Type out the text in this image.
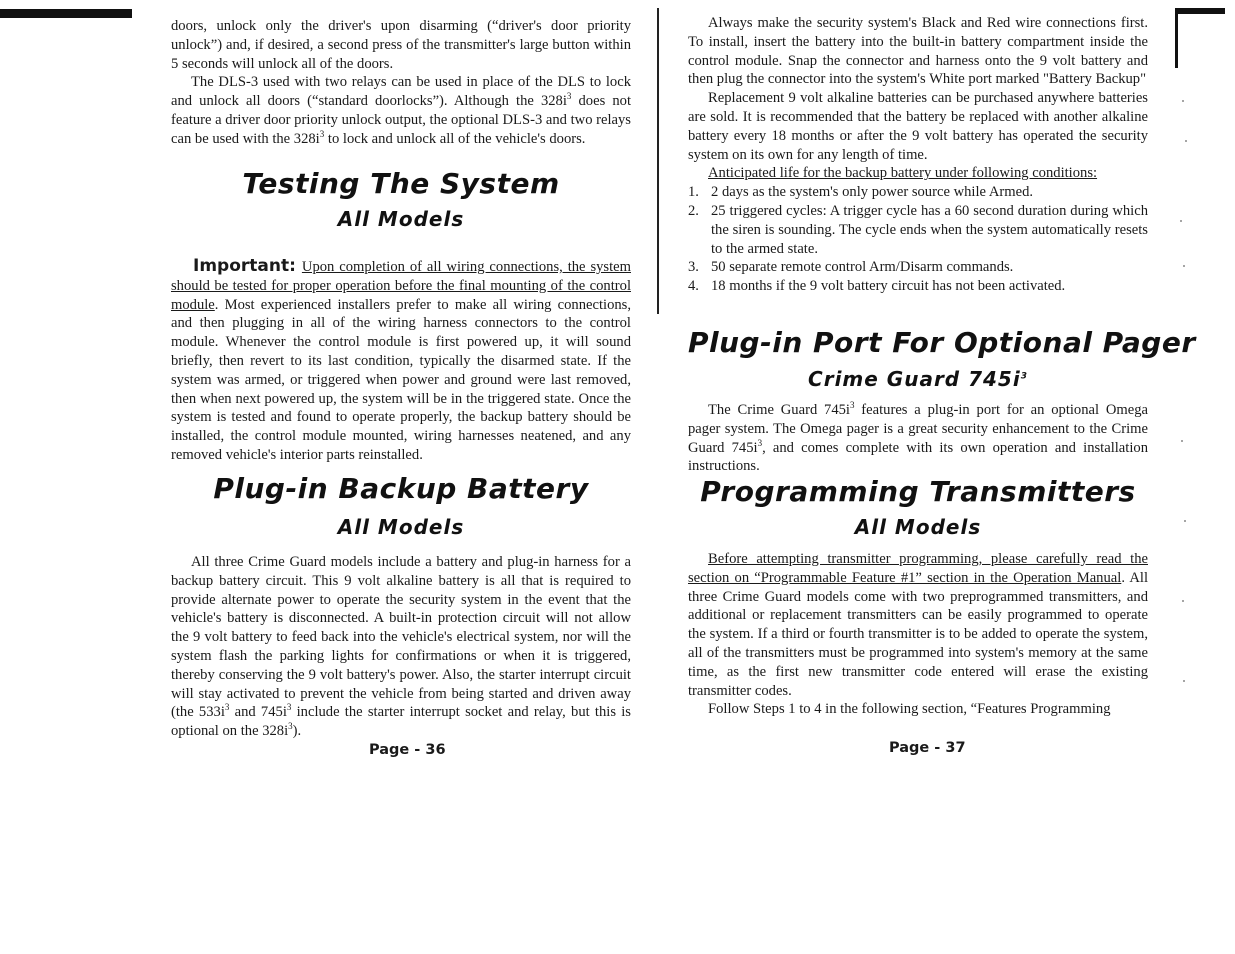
doors, unlock only the driver's upon disarming (“driver's door priority unlock”) and, if desired, a second press of the transmitter's large button within 5 seconds will unlock all of the doors.

The DLS-3 used with two relays can be used in place of the DLS to lock and unlock all doors (“standard doorlocks”). Although the $328i^3$ does not feature a driver door priority unlock output, the optional DLS-3 and two relays can be used with the $328i^3$ to lock and unlock all of the vehicle's doors.

Testing The System
All Models

Important: Upon completion of all wiring connections, the system should be tested for proper operation before the final mounting of the control module. Most experienced installers prefer to make all wiring connections, and then plugging in all of the wiring harness connectors to the control module. Whenever the control module is first powered up, it will sound briefly, then revert to its last condition, typically the disarmed state. If the system was armed, or triggered when power and ground were last removed, then when next powered up, the system will be in the triggered state. Once the system is tested and found to operate properly, the backup battery should be installed, the control module mounted, wiring harnesses neatened, and any removed vehicle's interior parts reinstalled.

Plug-in Backup Battery
All Models

All three Crime Guard models include a battery and plug-in harness for a backup battery circuit. This 9 volt alkaline battery is all that is required to provide alternate power to operate the security system in the event that the vehicle's battery is disconnected. A built-in protection circuit will not allow the 9 volt battery to feed back into the vehicle's electrical system, nor will the system flash the parking lights for confirmations or when it is triggered, thereby conserving the 9 volt battery's power. Also, the starter interrupt circuit will stay activated to prevent the vehicle from being started and driven away (the $533i^3$ and $745i^3$ include the starter interrupt socket and relay, but this is optional on the $328i^3$).

Page - 36

Always make the security system's Black and Red wire connections first. To install, insert the battery into the built-in battery compartment inside the control module. Snap the connector and harness onto the 9 volt battery and then plug the connector into the system's White port marked "Battery Backup"

Replacement 9 volt alkaline batteries can be purchased anywhere batteries are sold. It is recommended that the battery be replaced with another alkaline battery every 18 months or after the 9 volt battery has operated the security system on its own for any length of time.

Anticipated life for the backup battery under following conditions:

1. 2 days as the system's only power source while Armed.
2. 25 triggered cycles: A trigger cycle has a 60 second duration during which the siren is sounding. The cycle ends when the system automatically resets to the armed state.
3. 50 separate remote control Arm/Disarm commands.
4. 18 months if the 9 volt battery circuit has not been activated.
Plug-in Port For Optional Pager
Crime Guard $745i^3$

The Crime Guard $745i^3$ features a plug-in port for an optional Omega pager system. The Omega pager is a great security enhancement to the Crime Guard $745i^3$, and comes complete with its own operation and installation instructions.

Programming Transmitters
All Models

Before attempting transmitter programming, please carefully read the section on “Programmable Feature #1” section in the Operation Manual. All three Crime Guard models come with two preprogrammed transmitters, and additional or replacement transmitters can be easily programmed to operate the system. If a third or fourth transmitter is to be added to operate the system, all of the transmitters must be programmed into system's memory at the same time, as the first new transmitter code entered will erase the existing transmitter codes.

Follow Steps 1 to 4 in the following section, “Features Programming

Page - 37
